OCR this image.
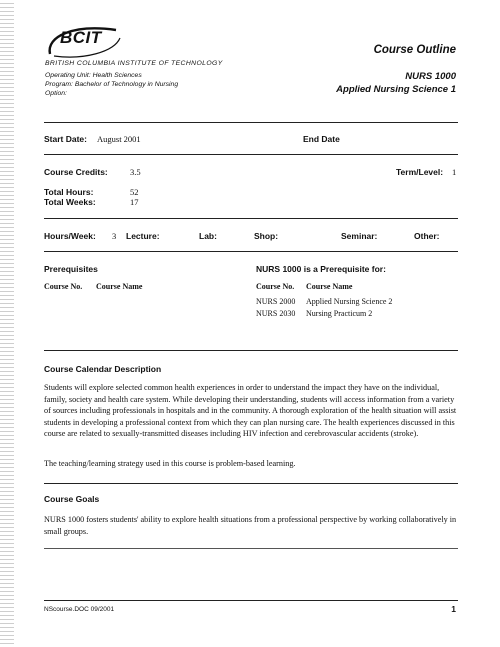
BCIT
BRITISH COLUMBIA INSTITUTE OF TECHNOLOGY
Operating Unit: Health Sciences
Program: Bachelor of Technology in Nursing
Option:
Course Outline
NURS 1000
Applied Nursing Science 1
Start Date: August 2001	End Date
Course Credits:	3.5	Term/Level: 1
Total Hours:	52
Total Weeks:	17
Hours/Week: 3 Lecture:	Lab:	Shop:	Seminar:	Other:
Prerequisites
Course No. Course Name
NURS 1000 is a Prerequisite for:
Course No. Course Name
NURS 2000 Applied Nursing Science 2
NURS 2030 Nursing Practicum 2
Course Calendar Description
Students will explore selected common health experiences in order to understand the impact they have on the individual, family, society and health care system. While developing their understanding, students will access information from a variety of sources including professionals in hospitals and in the community. A thorough exploration of the health situation will assist students in developing a professional context from which they can plan nursing care. The health experiences discussed in this course are related to sexually-transmitted diseases including HIV infection and cerebrovascular accidents (stroke).
The teaching/learning strategy used in this course is problem-based learning.
Course Goals
NURS 1000 fosters students' ability to explore health situations from a professional perspective by working collaboratively in small groups.
NScourse.DOC 09/2001	1
